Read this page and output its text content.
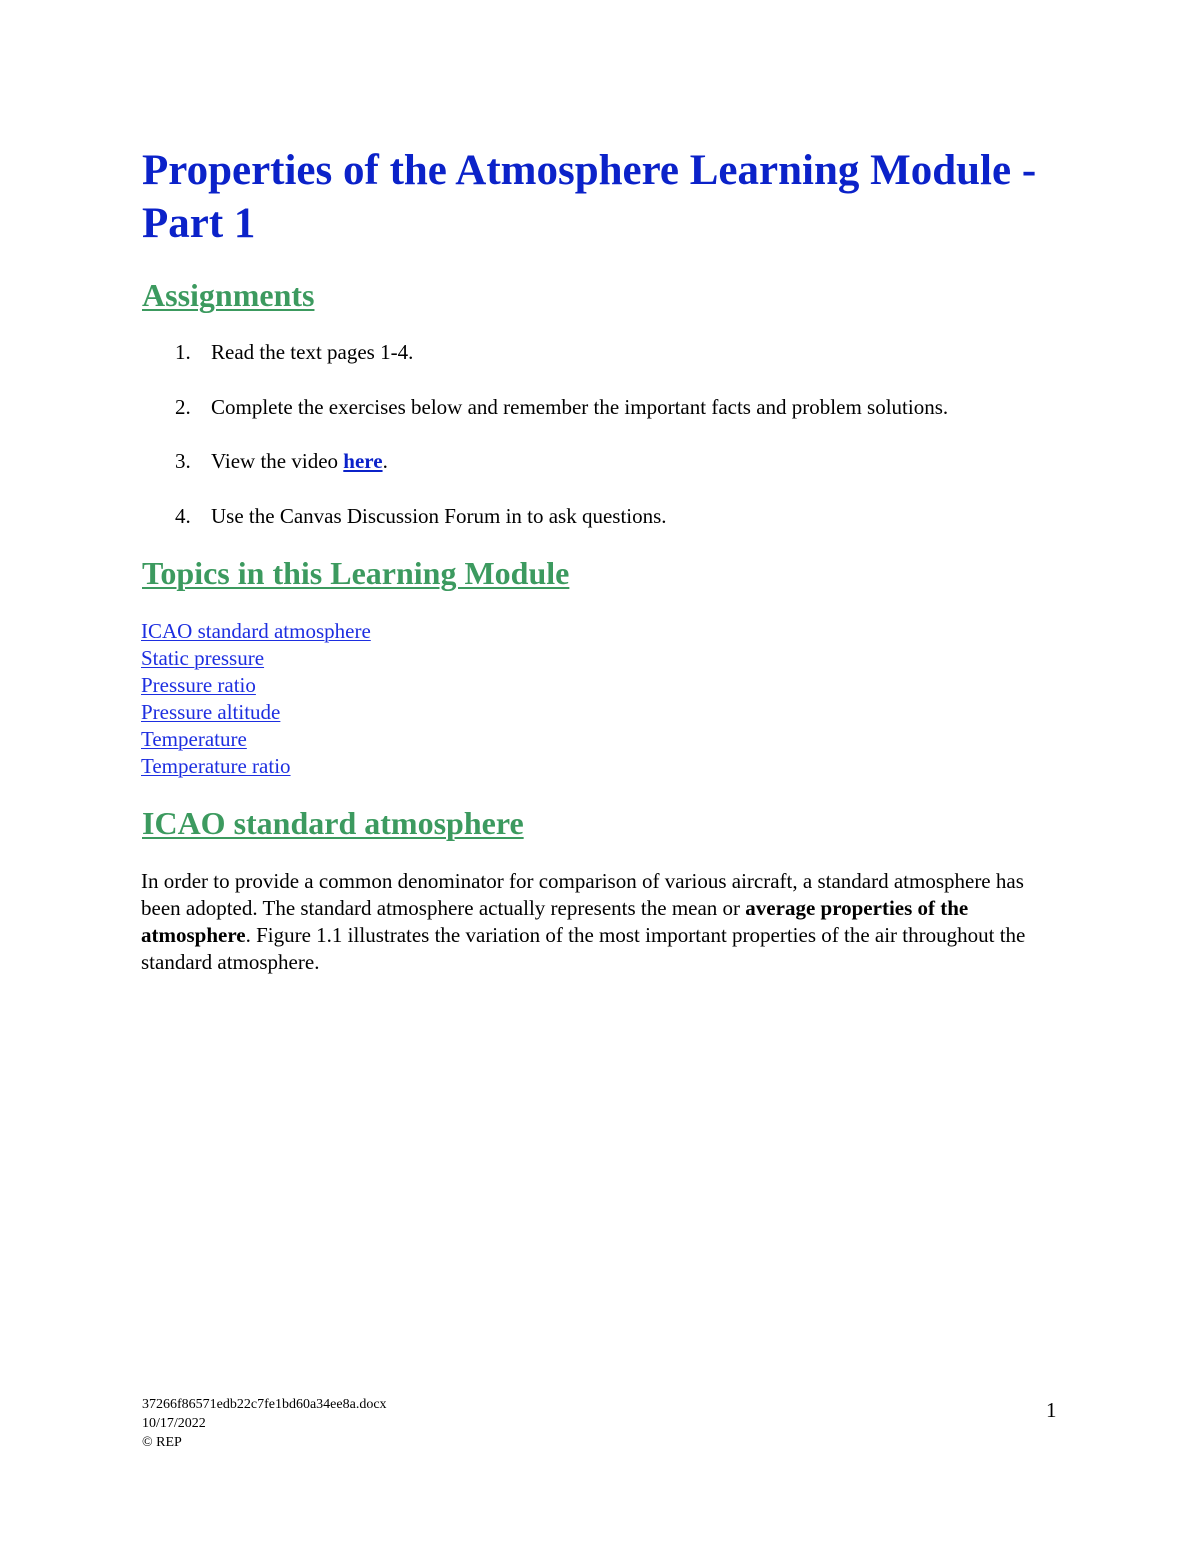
Properties of the Atmosphere Learning Module - Part 1
Assignments
1. Read the text pages 1-4.
2. Complete the exercises below and remember the important facts and problem solutions.
3. View the video here.
4. Use the Canvas Discussion Forum in to ask questions.
Topics in this Learning Module
ICAO standard atmosphere
Static pressure
Pressure ratio
Pressure altitude
Temperature
Temperature ratio
ICAO standard atmosphere

In order to provide a common denominator for comparison of various aircraft, a standard atmosphere has been adopted. The standard atmosphere actually represents the mean or average properties of the atmosphere. Figure 1.1 illustrates the variation of the most important properties of the air throughout the standard atmosphere.

37266f86571edb22c7fe1bd60a34ee8a.docx
10/17/2022
© REP
1
